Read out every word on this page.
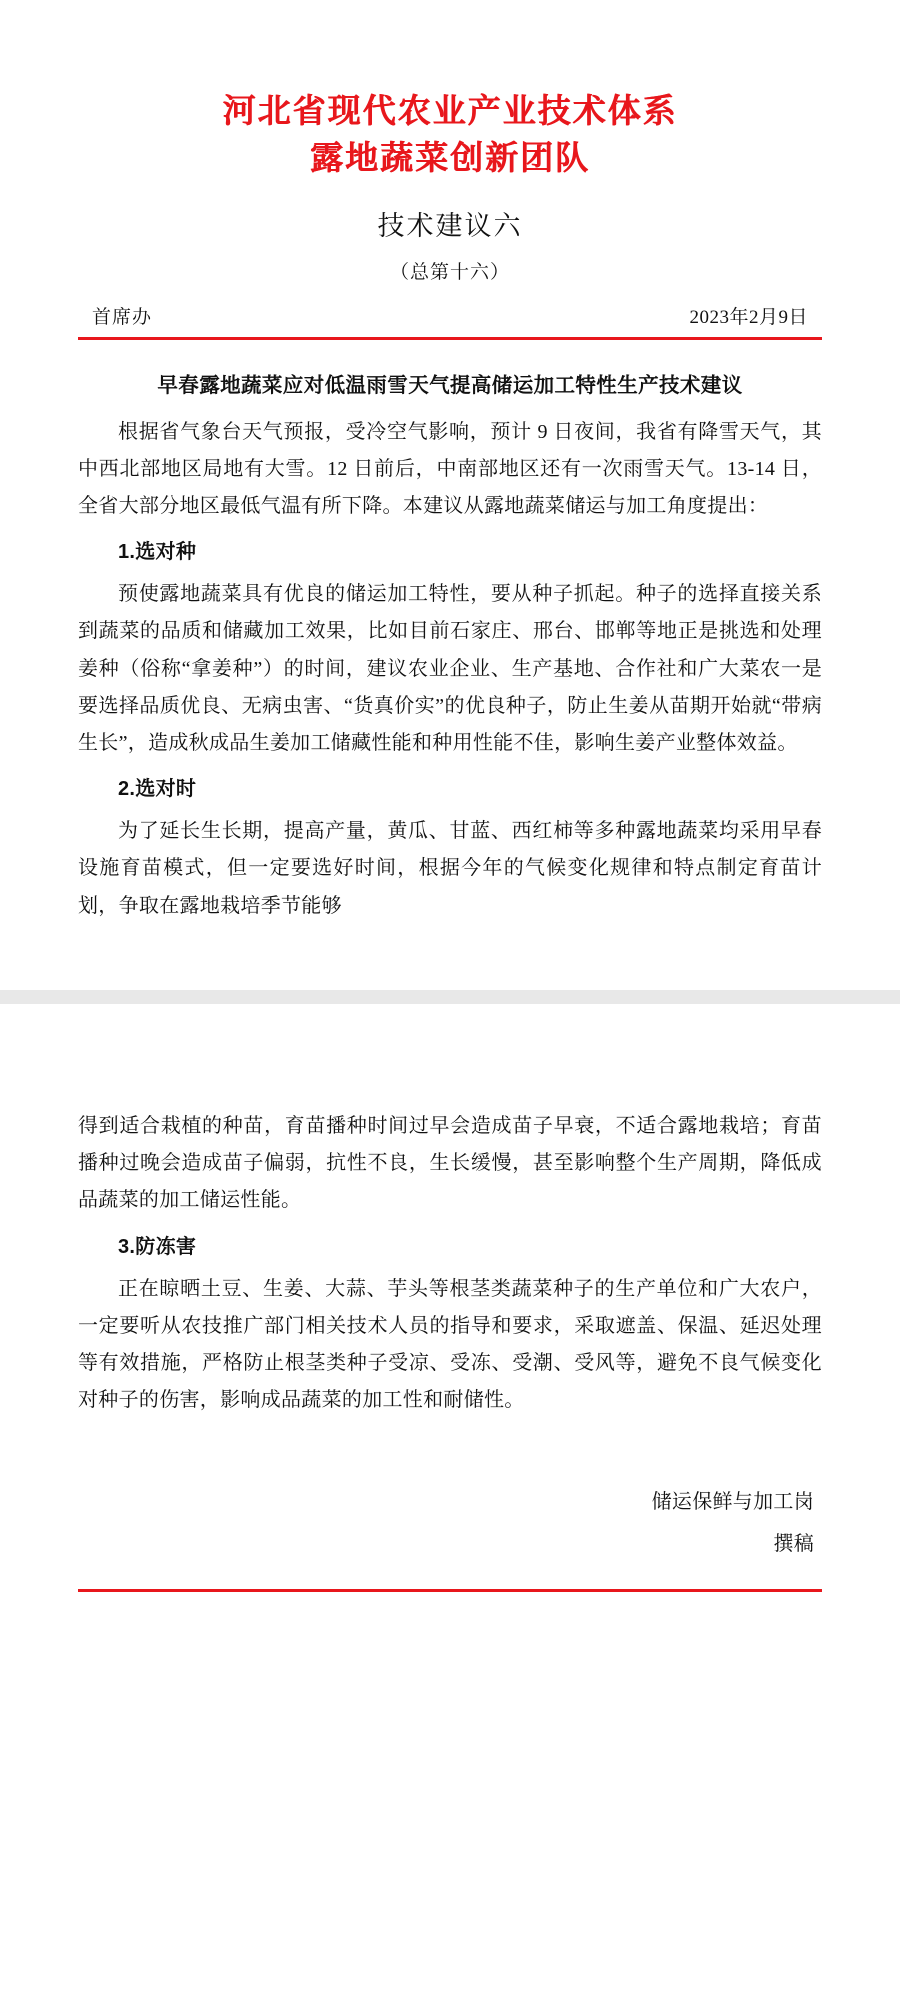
河北省现代农业产业技术体系
露地蔬菜创新团队
技术建议六
（总第十六）
首席办	2023年2月9日
早春露地蔬菜应对低温雨雪天气提高储运加工特性生产技术建议

根据省气象台天气预报，受冷空气影响，预计 9 日夜间，我省有降雪天气，其中西北部地区局地有大雪。12 日前后，中南部地区还有一次雨雪天气。13-14 日，全省大部分地区最低气温有所下降。本建议从露地蔬菜储运与加工角度提出：

1.选对种

预使露地蔬菜具有优良的储运加工特性，要从种子抓起。种子的选择直接关系到蔬菜的品质和储藏加工效果，比如目前石家庄、邢台、邯郸等地正是挑选和处理姜种（俗称“拿姜种”）的时间，建议农业企业、生产基地、合作社和广大菜农一是要选择品质优良、无病虫害、“货真价实”的优良种子，防止生姜从苗期开始就“带病生长”，造成秋成品生姜加工储藏性能和种用性能不佳，影响生姜产业整体效益。

2.选对时

为了延长生长期，提高产量，黄瓜、甘蓝、西红柿等多种露地蔬菜均采用早春设施育苗模式，但一定要选好时间，根据今年的气候变化规律和特点制定育苗计划，争取在露地栽培季节能够

得到适合栽植的种苗，育苗播种时间过早会造成苗子早衰，不适合露地栽培；育苗播种过晚会造成苗子偏弱，抗性不良，生长缓慢，甚至影响整个生产周期，降低成品蔬菜的加工储运性能。

3.防冻害

正在晾晒土豆、生姜、大蒜、芋头等根茎类蔬菜种子的生产单位和广大农户，一定要听从农技推广部门相关技术人员的指导和要求，采取遮盖、保温、延迟处理等有效措施，严格防止根茎类种子受凉、受冻、受潮、受风等，避免不良气候变化对种子的伤害，影响成品蔬菜的加工性和耐储性。

储运保鲜与加工岗
撰稿
